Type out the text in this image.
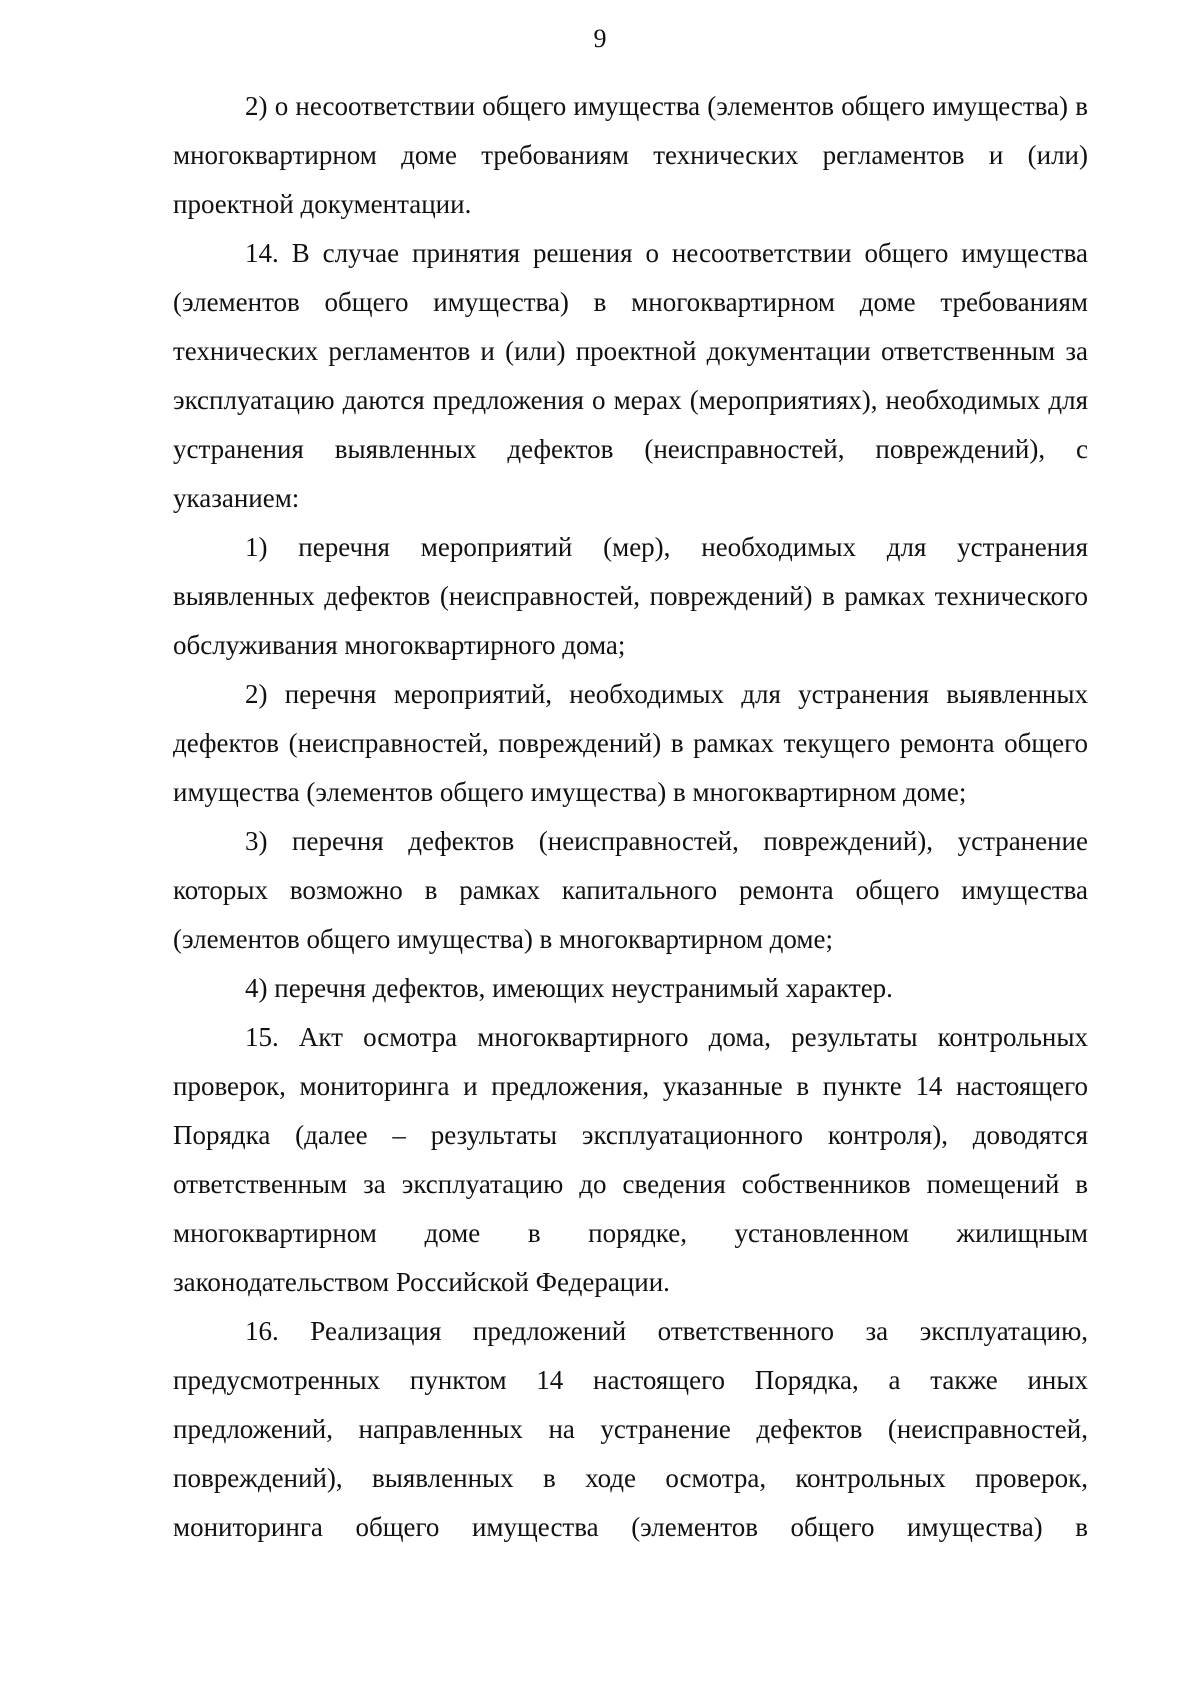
9

2) о несоответствии общего имущества (элементов общего имущества) в многоквартирном доме требованиям технических регламентов и (или) проектной документации.

14. В случае принятия решения о несоответствии общего имущества (элементов общего имущества) в многоквартирном доме требованиям технических регламентов и (или) проектной документации ответственным за эксплуатацию даются предложения о мерах (мероприятиях), необходимых для устранения выявленных дефектов (неисправностей, повреждений), с указанием:

1) перечня мероприятий (мер), необходимых для устранения выявленных дефектов (неисправностей, повреждений) в рамках технического обслуживания многоквартирного дома;

2) перечня мероприятий, необходимых для устранения выявленных дефектов (неисправностей, повреждений) в рамках текущего ремонта общего имущества (элементов общего имущества) в многоквартирном доме;

3) перечня дефектов (неисправностей, повреждений), устранение которых возможно в рамках капитального ремонта общего имущества (элементов общего имущества) в многоквартирном доме;

4) перечня дефектов, имеющих неустранимый характер.

15. Акт осмотра многоквартирного дома, результаты контрольных проверок, мониторинга и предложения, указанные в пункте 14 настоящего Порядка (далее – результаты эксплуатационного контроля), доводятся ответственным за эксплуатацию до сведения собственников помещений в многоквартирном доме в порядке, установленном жилищным законодательством Российской Федерации.

16. Реализация предложений ответственного за эксплуатацию, предусмотренных пунктом 14 настоящего Порядка, а также иных предложений, направленных на устранение дефектов (неисправностей, повреждений), выявленных в ходе осмотра, контрольных проверок, мониторинга общего имущества (элементов общего имущества) в
